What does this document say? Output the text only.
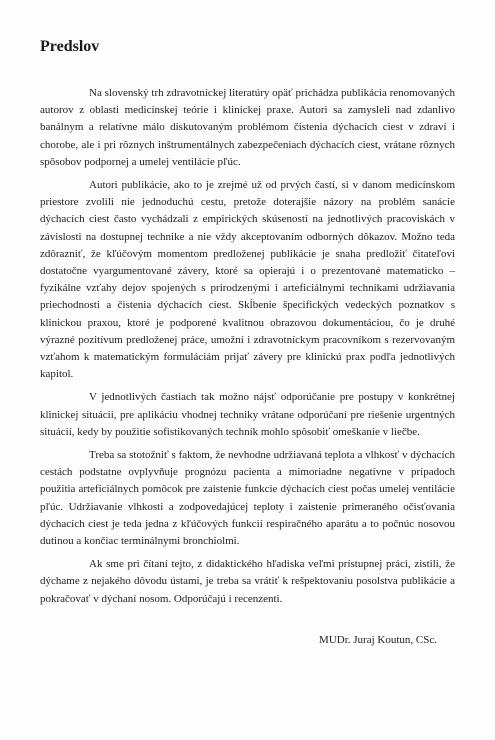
Predslov

Na slovenský trh zdravotníckej literatúry opäť prichádza publikácia renomovaných autorov z oblasti medicínskej teórie i klinickej praxe. Autori sa zamysleli nad zdanlivo banálnym a relatívne málo diskutovaným problémom čistenia dýchacích ciest v zdraví i chorobe, ale i pri rôznych inštrumentálnych zabezpečeniach dýchacích ciest, vrátane rôznych spôsobov podpornej a umelej ventilácie pľúc.

Autori publikácie, ako to je zrejmé už od prvých častí, si v danom medicínskom priestore zvolili nie jednoduchú cestu, pretože doterajšie názory na problém sanácie dýchacích ciest často vychádzali z empirických skúseností na jednotlivých pracoviskách v závislosti na dostupnej technike a nie vždy akceptovaním odborných dôkazov. Možno teda zdôrazniť, že kľúčovým momentom predloženej publikácie je snaha predložiť čitateľovi dostatočne vyargumentované závery, ktoré sa opierajú i o prezentované matematicko – fyzikálne vzťahy dejov spojených s prirodzenými i arteficiálnymi technikami udržiavania priechodnosti a čistenia dýchacích ciest. Skĺbenie špecifických vedeckých poznatkov s klinickou praxou, ktoré je podporené kvalitnou obrazovou dokumentáciou, čo je druhé výrazné pozitívum predloženej práce, umožní i zdravotníckym pracovníkom s rezervovaným vzťahom k matematickým formuláciám prijať závery pre klinickú prax podľa jednotlivých kapitol.

V jednotlivých častiach tak možno nájsť odporúčanie pre postupy v konkrétnej klinickej situácii, pre aplikáciu vhodnej techniky vrátane odporúčaní pre riešenie urgentných situácií, kedy by použitie sofistikovaných techník mohlo spôsobiť omeškanie v liečbe.

Treba sa stotožniť s faktom, že nevhodne udržiavaná teplota a vlhkosť v dýchacích cestách podstatne ovplyvňuje prognózu pacienta a mimoriadne negatívne v prípadoch použitia arteficiálnych pomôcok pre zaistenie funkcie dýchacích ciest počas umelej ventilácie pľúc. Udržiavanie vlhkosti a zodpovedajúcej teploty i zaistenie primeraného očisťovania dýchacích ciest je teda jedna z kľúčových funkcií respiračného aparátu a to počnúc nosovou dutinou a končiac terminálnymi bronchiolmi.

Ak sme pri čítaní tejto, z didaktického hľadiska veľmi prístupnej práci, zistili, že dýchame z nejakého dôvodu ústami, je treba sa vrátiť k rešpektovaniu posolstva publikácie a pokračovať v dýchaní nosom. Odporúčajú i recenzenti.

MUDr. Juraj Koutun, CSc.
